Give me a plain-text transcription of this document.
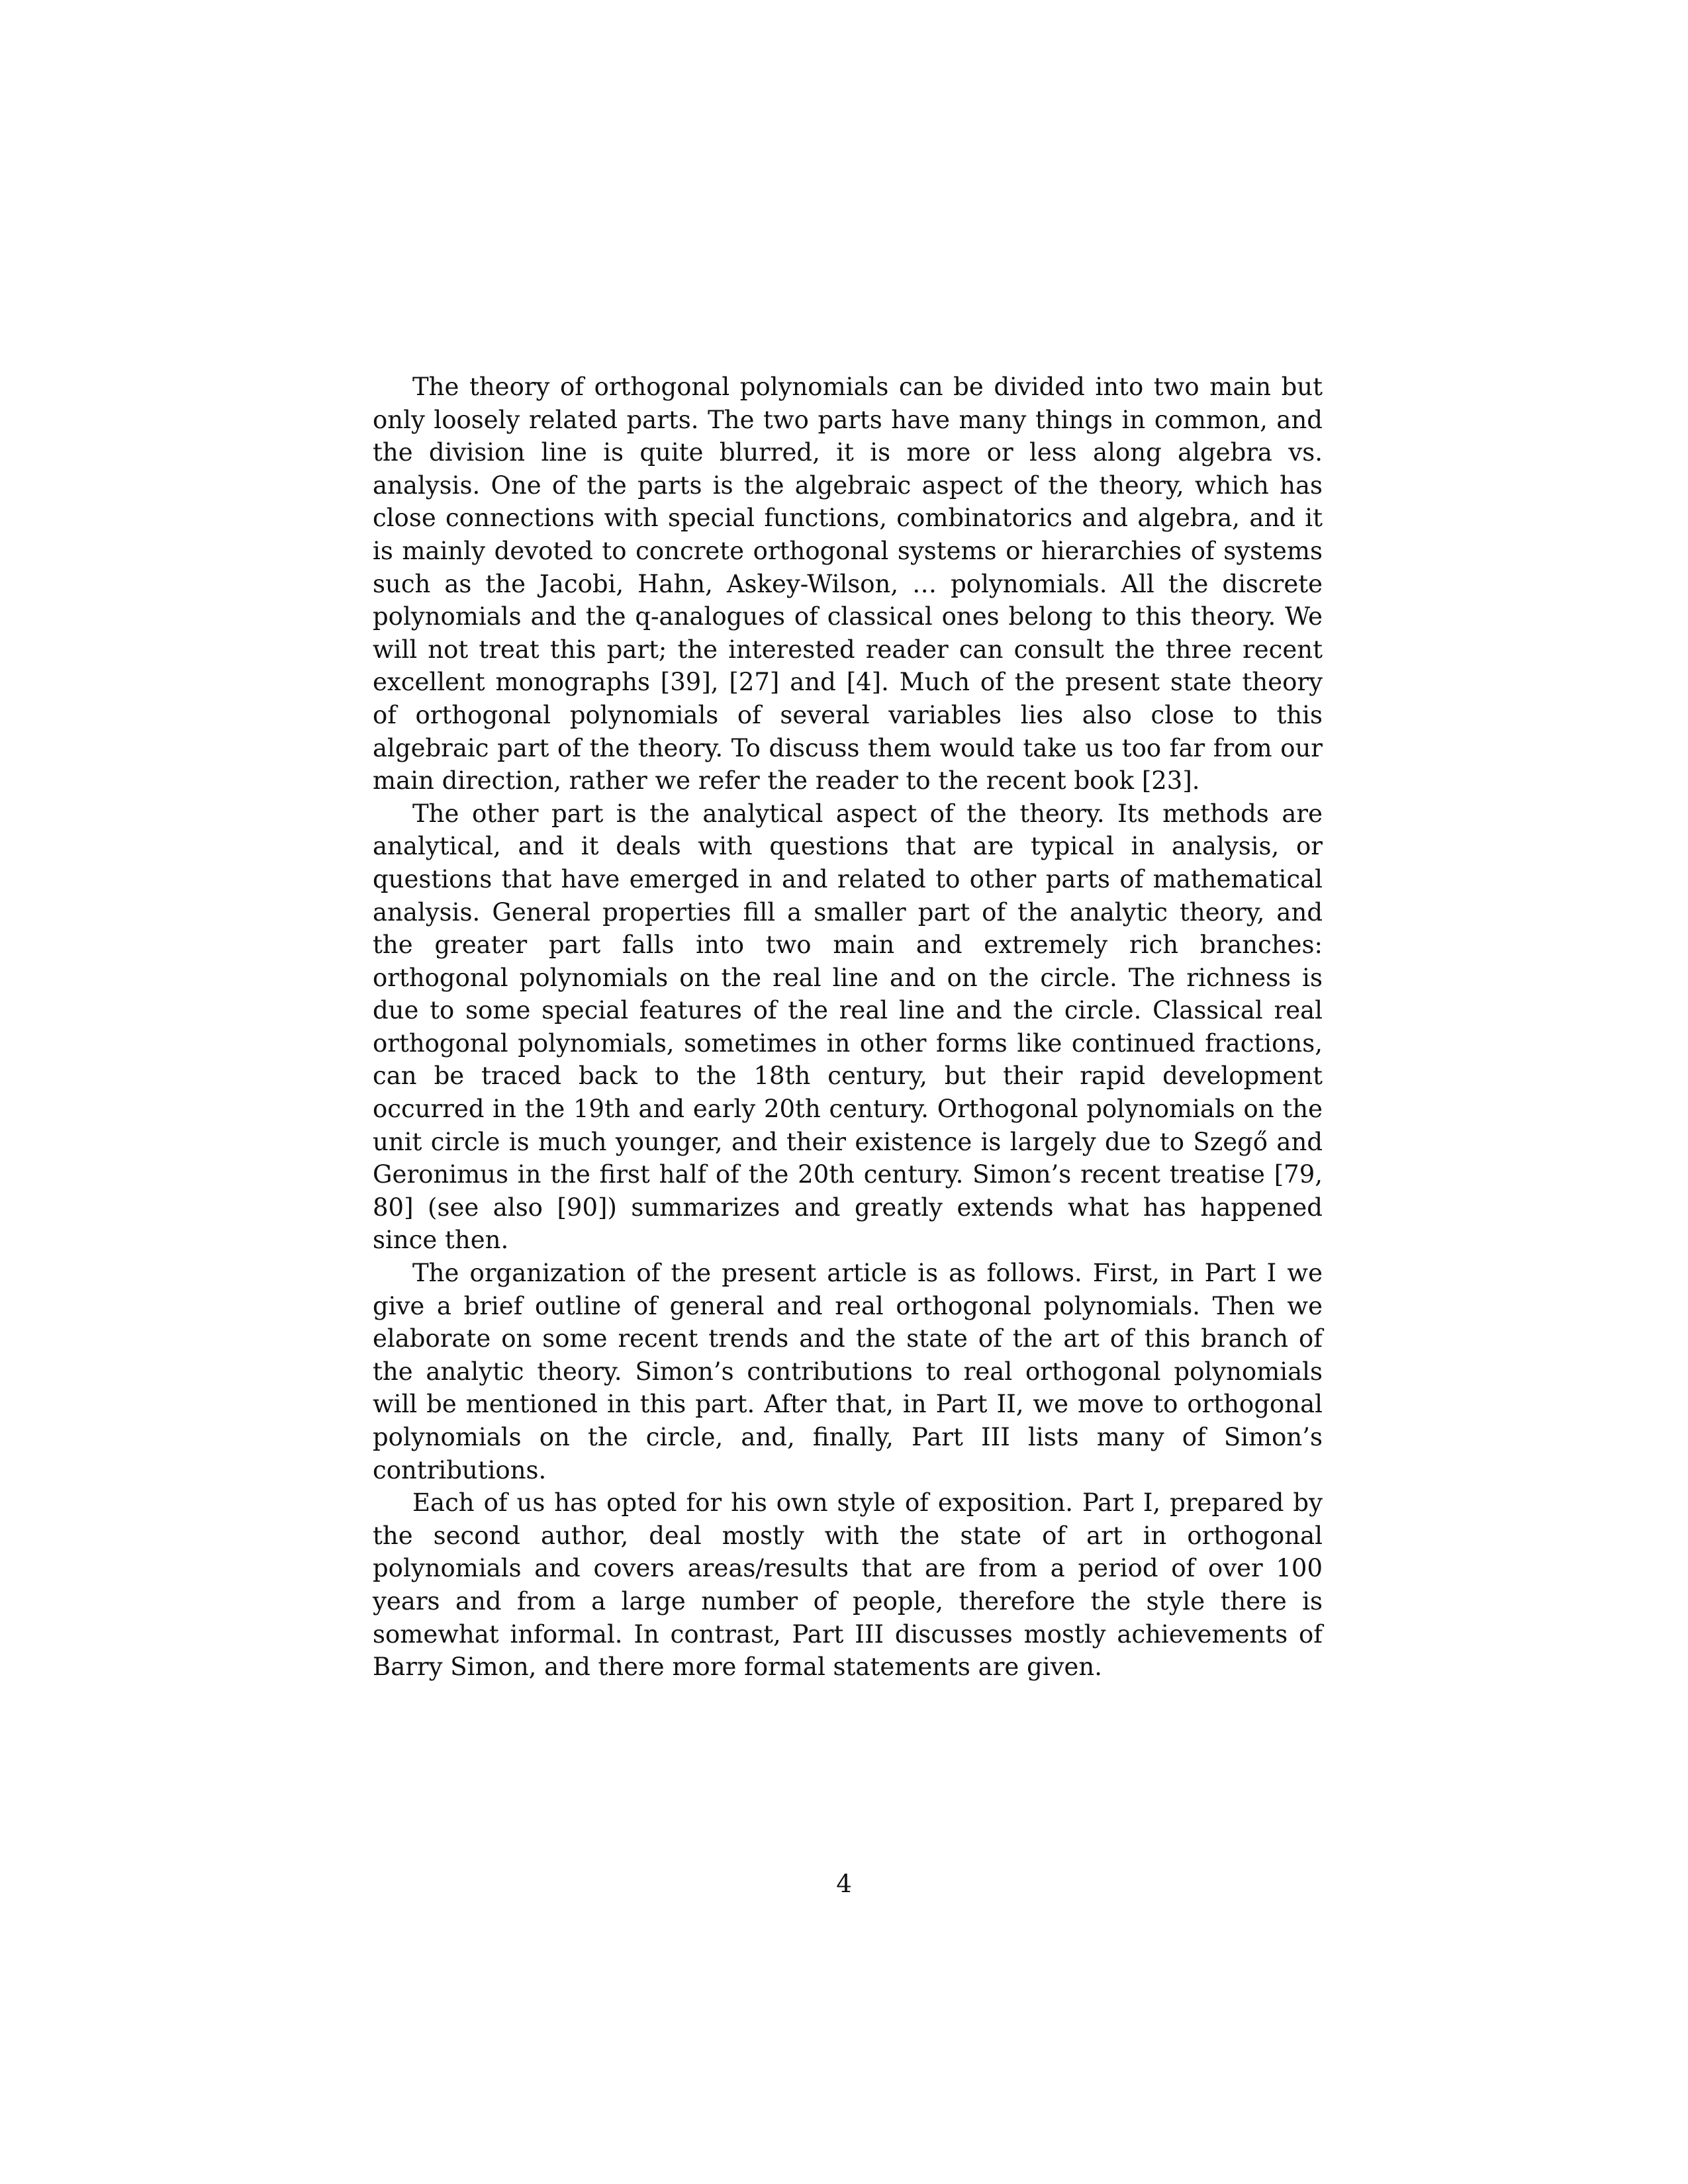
The theory of orthogonal polynomials can be divided into two main but only loosely related parts. The two parts have many things in common, and the division line is quite blurred, it is more or less along algebra vs. analysis. One of the parts is the algebraic aspect of the theory, which has close connections with special functions, combinatorics and algebra, and it is mainly devoted to concrete orthogonal systems or hierarchies of systems such as the Jacobi, Hahn, Askey-Wilson, … polynomials. All the discrete polynomials and the q-analogues of classical ones belong to this theory. We will not treat this part; the interested reader can consult the three recent excellent monographs [39], [27] and [4]. Much of the present state theory of orthogonal polynomials of several variables lies also close to this algebraic part of the theory. To discuss them would take us too far from our main direction, rather we refer the reader to the recent book [23].

The other part is the analytical aspect of the theory. Its methods are analytical, and it deals with questions that are typical in analysis, or questions that have emerged in and related to other parts of mathematical analysis. General properties fill a smaller part of the analytic theory, and the greater part falls into two main and extremely rich branches: orthogonal polynomials on the real line and on the circle. The richness is due to some special features of the real line and the circle. Classical real orthogonal polynomials, sometimes in other forms like continued fractions, can be traced back to the 18th century, but their rapid development occurred in the 19th and early 20th century. Orthogonal polynomials on the unit circle is much younger, and their existence is largely due to Szegő and Geronimus in the first half of the 20th century. Simon’s recent treatise [79, 80] (see also [90]) summarizes and greatly extends what has happened since then.

The organization of the present article is as follows. First, in Part I we give a brief outline of general and real orthogonal polynomials. Then we elaborate on some recent trends and the state of the art of this branch of the analytic theory. Simon’s contributions to real orthogonal polynomials will be mentioned in this part. After that, in Part II, we move to orthogonal polynomials on the circle, and, finally, Part III lists many of Simon’s contributions.

Each of us has opted for his own style of exposition. Part I, prepared by the second author, deal mostly with the state of art in orthogonal polynomials and covers areas/results that are from a period of over 100 years and from a large number of people, therefore the style there is somewhat informal. In contrast, Part III discusses mostly achievements of Barry Simon, and there more formal statements are given.

4
